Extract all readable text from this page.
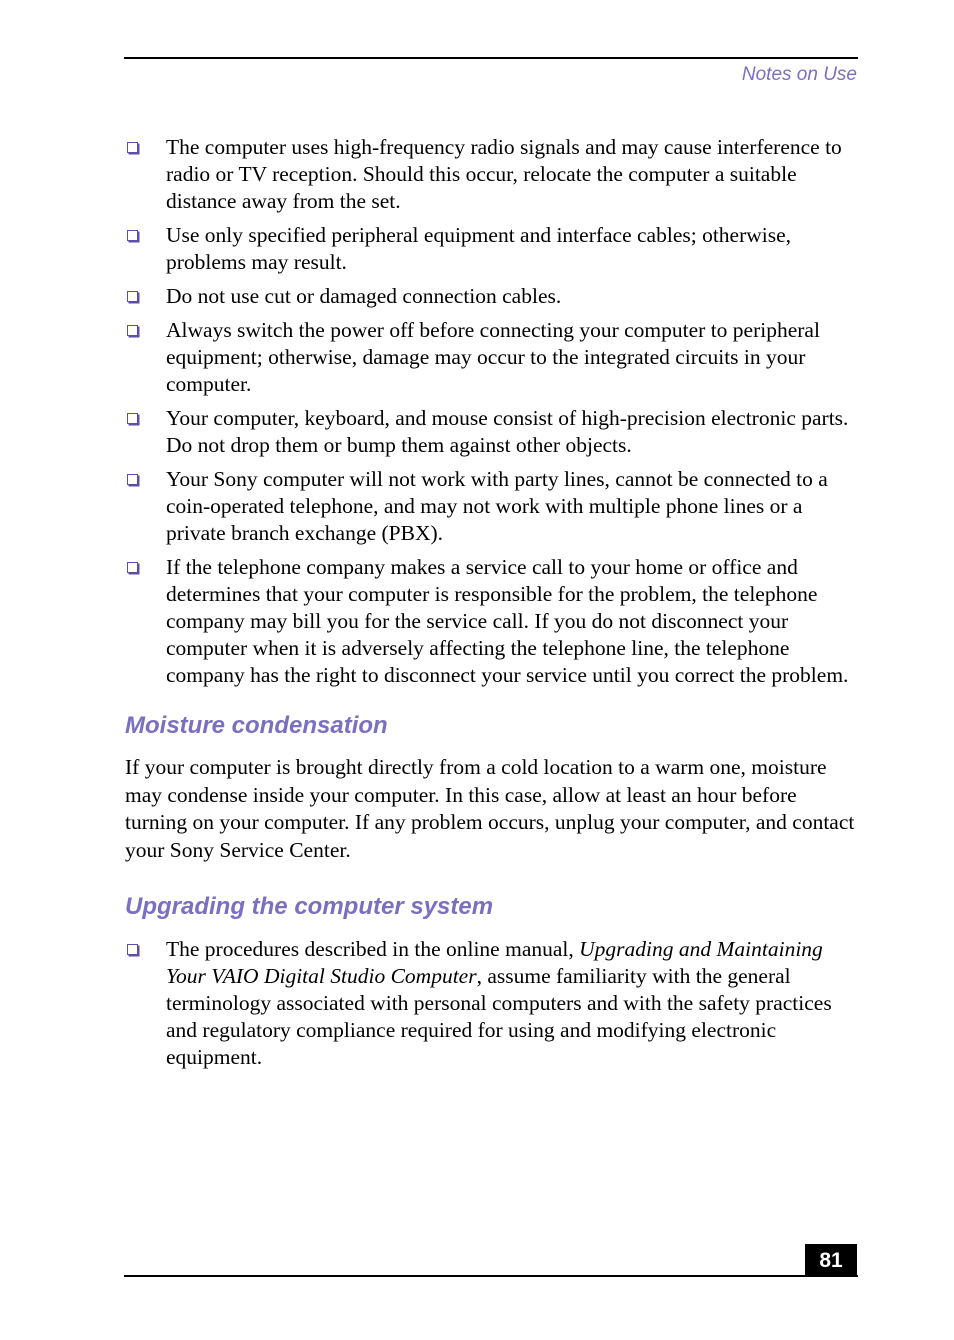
Notes on Use
The computer uses high-frequency radio signals and may cause interference to radio or TV reception. Should this occur, relocate the computer a suitable distance away from the set.
Use only specified peripheral equipment and interface cables; otherwise, problems may result.
Do not use cut or damaged connection cables.
Always switch the power off before connecting your computer to peripheral equipment; otherwise, damage may occur to the integrated circuits in your computer.
Your computer, keyboard, and mouse consist of high-precision electronic parts. Do not drop them or bump them against other objects.
Your Sony computer will not work with party lines, cannot be connected to a coin-operated telephone, and may not work with multiple phone lines or a private branch exchange (PBX).
If the telephone company makes a service call to your home or office and determines that your computer is responsible for the problem, the telephone company may bill you for the service call. If you do not disconnect your computer when it is adversely affecting the telephone line, the telephone company has the right to disconnect your service until you correct the problem.
Moisture condensation

If your computer is brought directly from a cold location to a warm one, moisture may condense inside your computer. In this case, allow at least an hour before turning on your computer. If any problem occurs, unplug your computer, and contact your Sony Service Center.

Upgrading the computer system
The procedures described in the online manual, Upgrading and Maintaining Your VAIO Digital Studio Computer, assume familiarity with the general terminology associated with personal computers and with the safety practices and regulatory compliance required for using and modifying electronic equipment.
81
